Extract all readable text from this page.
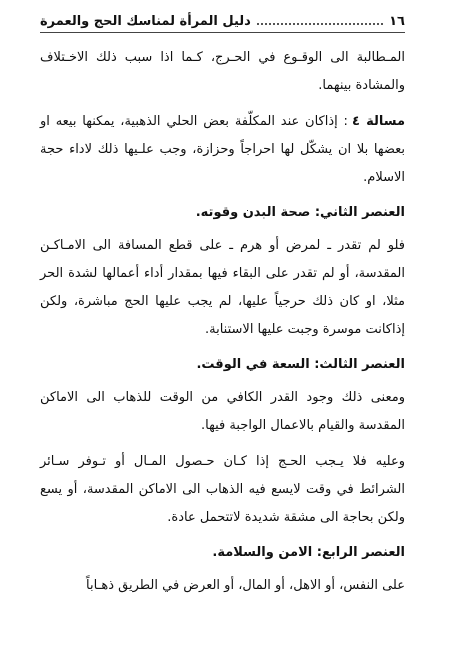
١٦
دليل المرأة لمناسك الحج والعمرة

المـطالبة الى الوقـوع في الحـرج، كـما اذا سبب ذلك الاخـتلاف والمشادة بينهما.

مسالة ٤: إذاكان عند المكلّفة بعض الحلي الذهبية، يمكنها بيعه او بعضها بلا ان يشكّل لها احراجاً وحزازة، وجب علـيها ذلك لاداء حجة الاسلام.

العنصر الثاني: صحة البدن وقوته.

فلو لم تقدر ـ لمرض أو هرم ـ على قطع المسافة الى الامـاكـن المقدسة، أو لم تقدر على البقاء فيها بمقدار أداء أعمالها لشدة الحر مثلا، او كان ذلك حرجياً عليها، لم يجب عليها الحج مباشرة، ولكن إذاكانت موسرة وجبت عليها الاستنابة.

العنصر الثالث: السعة في الوقت.

ومعنى ذلك وجود القدر الكافي من الوقت للذهاب الى الاماكن المقدسة والقيام بالاعمال الواجبة فيها.

وعليه فلا يـجب الحـج إذا كـان حـصول المـال أو تـوفر سـائر الشرائط في وقت لايسع فيه الذهاب الى الاماكن المقدسة، أو يسع ولكن بحاجة الى مشقة شديدة لاتتحمل عادة.

العنصر الرابع: الامن والسلامة.

على النفس، أو الاهل، أو المال، أو العرض في الطريق ذهـاباً
